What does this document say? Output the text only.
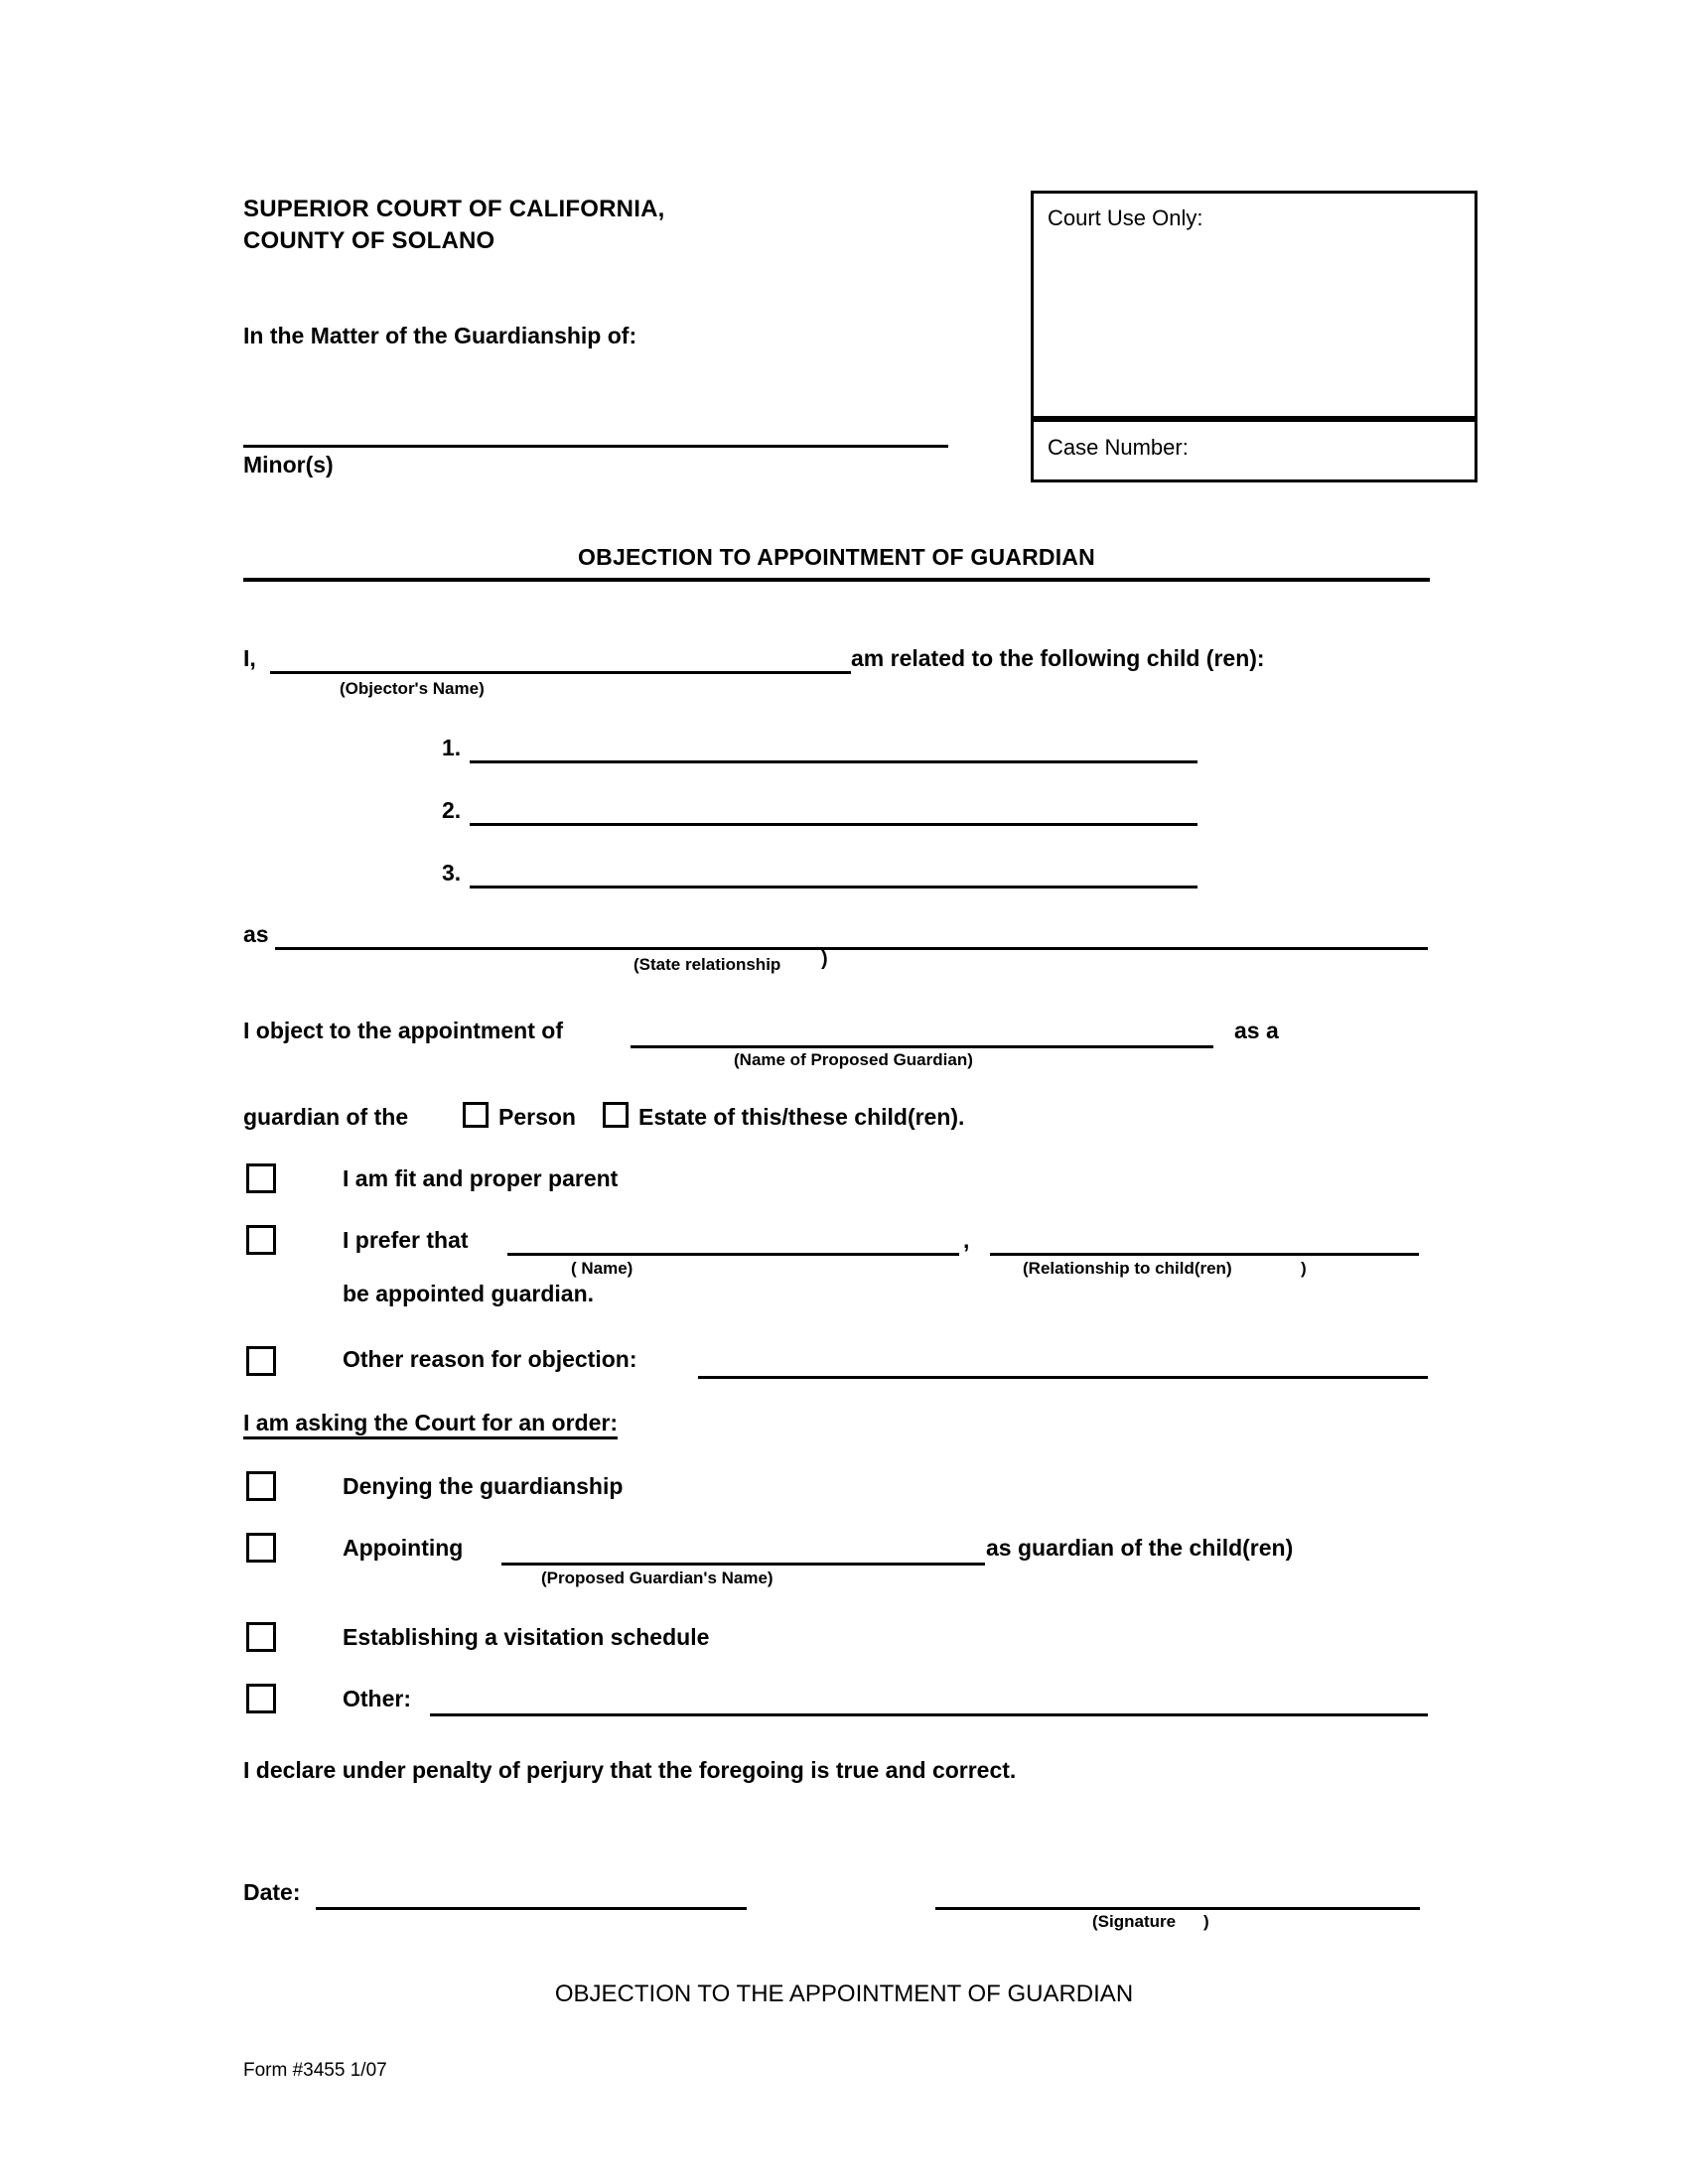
SUPERIOR COURT OF CALIFORNIA,
COUNTY OF SOLANO
In the Matter of the Guardianship of:
Minor(s)
Court Use Only:
Case Number:
OBJECTION TO APPOINTMENT OF GUARDIAN
I,	am related to the following child (ren):
(Objector's Name)
1.
2.
3.
as
(State relationship )
I object to the appointment of	as a
(Name of Proposed Guardian)
guardian of the	Person	Estate of this/these child(ren).
I am fit and proper parent
I prefer that	,
( Name)	(Relationship to child(ren)	)
be appointed guardian.
Other reason for objection:
I am asking the Court for an order:
Denying the guardianship
Appointing	as guardian of the child(ren)
(Proposed Guardian's Name)
Establishing a visitation schedule
Other:
I declare under penalty of perjury that the foregoing is true and correct.
Date:
(Signature )
OBJECTION TO THE APPOINTMENT OF GUARDIAN
Form #3455 1/07
